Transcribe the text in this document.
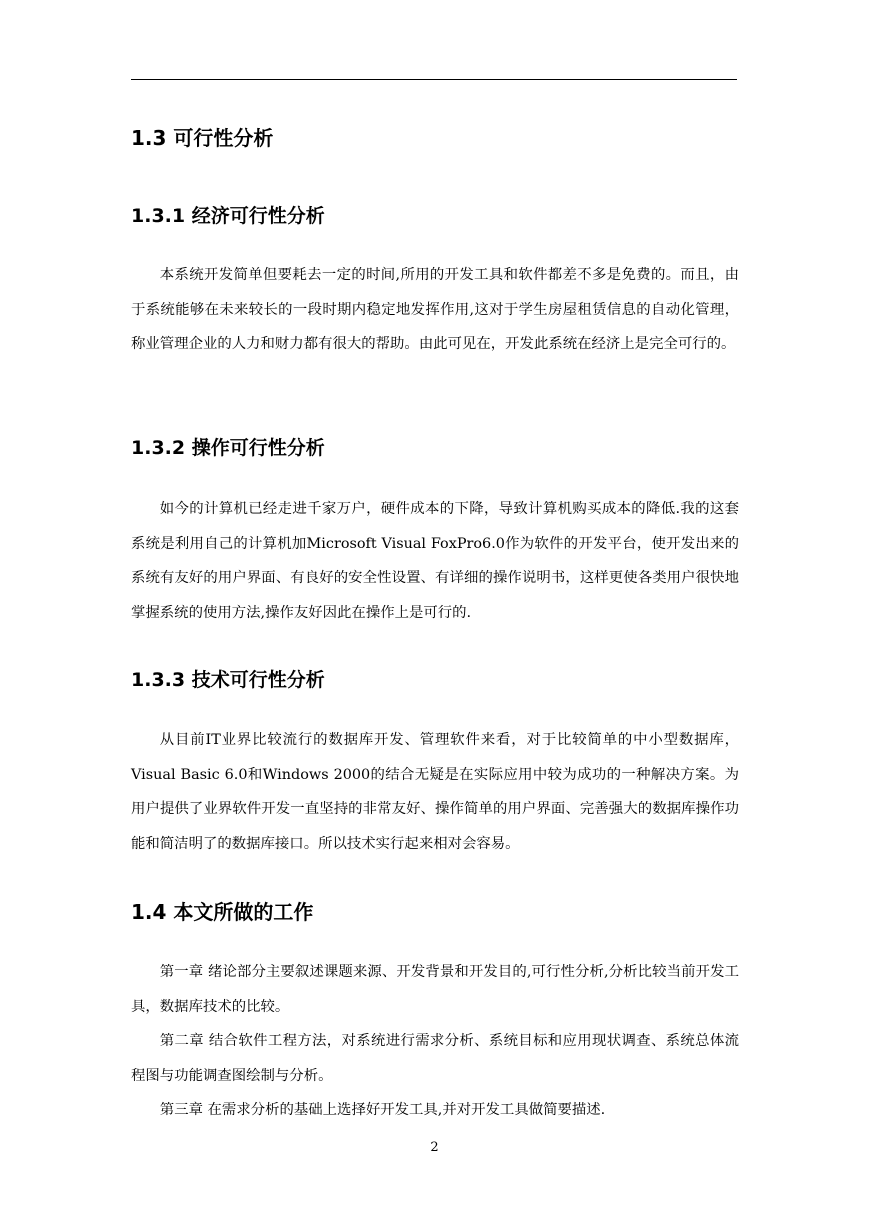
1.3 可行性分析
1.3.1 经济可行性分析

本系统开发简单但要耗去一定的时间,所用的开发工具和软件都差不多是免费的。而且，由于系统能够在未来较长的一段时期内稳定地发挥作用,这对于学生房屋租赁信息的自动化管理，称业管理企业的人力和财力都有很大的帮助。由此可见在，开发此系统在经济上是完全可行的。

1.3.2 操作可行性分析

如今的计算机已经走进千家万户，硬件成本的下降，导致计算机购买成本的降低.我的这套系统是利用自己的计算机加Microsoft Visual FoxPro6.0作为软件的开发平台，使开发出来的系统有友好的用户界面、有良好的安全性设置、有详细的操作说明书，这样更使各类用户很快地掌握系统的使用方法,操作友好因此在操作上是可行的.

1.3.3 技术可行性分析

从目前IT业界比较流行的数据库开发、管理软件来看，对于比较简单的中小型数据库，Visual Basic 6.0和Windows 2000的结合无疑是在实际应用中较为成功的一种解决方案。为用户提供了业界软件开发一直坚持的非常友好、操作简单的用户界面、完善强大的数据库操作功能和简洁明了的数据库接口。所以技术实行起来相对会容易。

1.4 本文所做的工作

第一章 绪论部分主要叙述课题来源、开发背景和开发目的,可行性分析,分析比较当前开发工具，数据库技术的比较。

第二章 结合软件工程方法，对系统进行需求分析、系统目标和应用现状调查、系统总体流程图与功能调查图绘制与分析。

第三章 在需求分析的基础上选择好开发工具,并对开发工具做简要描述.

2
